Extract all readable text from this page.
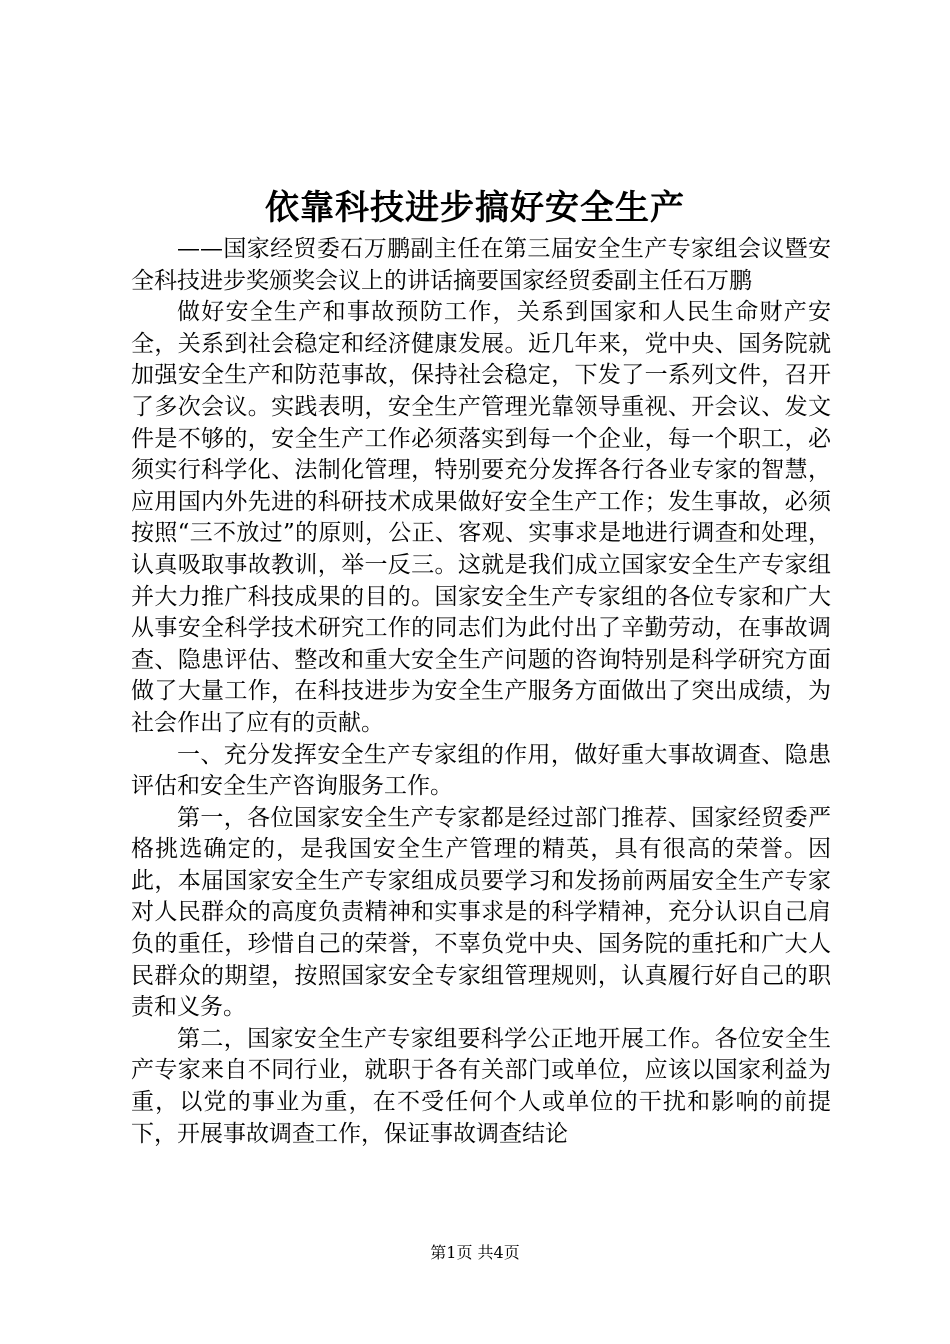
依靠科技进步搞好安全生产

——国家经贸委石万鹏副主任在第三届安全生产专家组会议暨安全科技进步奖颁奖会议上的讲话摘要国家经贸委副主任石万鹏

做好安全生产和事故预防工作，关系到国家和人民生命财产安全，关系到社会稳定和经济健康发展。近几年来，党中央、国务院就加强安全生产和防范事故，保持社会稳定，下发了一系列文件，召开了多次会议。实践表明，安全生产管理光靠领导重视、开会议、发文件是不够的，安全生产工作必须落实到每一个企业，每一个职工，必须实行科学化、法制化管理，特别要充分发挥各行各业专家的智慧，应用国内外先进的科研技术成果做好安全生产工作；发生事故，必须按照“三不放过”的原则，公正、客观、实事求是地进行调查和处理，认真吸取事故教训，举一反三。这就是我们成立国家安全生产专家组并大力推广科技成果的目的。国家安全生产专家组的各位专家和广大从事安全科学技术研究工作的同志们为此付出了辛勤劳动，在事故调查、隐患评估、整改和重大安全生产问题的咨询特别是科学研究方面做了大量工作，在科技进步为安全生产服务方面做出了突出成绩，为社会作出了应有的贡献。

一、充分发挥安全生产专家组的作用，做好重大事故调查、隐患评估和安全生产咨询服务工作。

第一，各位国家安全生产专家都是经过部门推荐、国家经贸委严格挑选确定的，是我国安全生产管理的精英，具有很高的荣誉。因此，本届国家安全生产专家组成员要学习和发扬前两届安全生产专家对人民群众的高度负责精神和实事求是的科学精神，充分认识自己肩负的重任，珍惜自己的荣誉，不辜负党中央、国务院的重托和广大人民群众的期望，按照国家安全专家组管理规则，认真履行好自己的职责和义务。

第二，国家安全生产专家组要科学公正地开展工作。各位安全生产专家来自不同行业，就职于各有关部门或单位，应该以国家利益为重，以党的事业为重，在不受任何个人或单位的干扰和影响的前提下，开展事故调查工作，保证事故调查结论

第1页 共4页
